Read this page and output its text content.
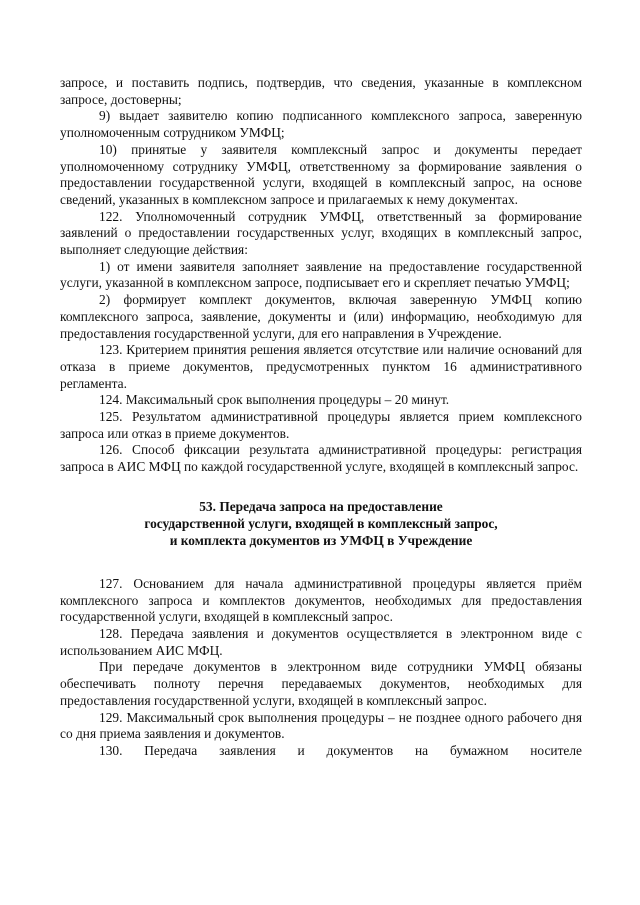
запросе, и поставить подпись, подтвердив, что сведения, указанные в комплексном запросе, достоверны;

9) выдает заявителю копию подписанного комплексного запроса, заверенную уполномоченным сотрудником УМФЦ;

10) принятые у заявителя комплексный запрос и документы передает уполномоченному сотруднику УМФЦ, ответственному за формирование заявления о предоставлении государственной услуги, входящей в комплексный запрос, на основе сведений, указанных в комплексном запросе и прилагаемых к нему документах.

122. Уполномоченный сотрудник УМФЦ, ответственный за формирование заявлений о предоставлении государственных услуг, входящих в комплексный запрос, выполняет следующие действия:

1) от имени заявителя заполняет заявление на предоставление государственной услуги, указанной в комплексном запросе, подписывает его и скрепляет печатью УМФЦ;

2) формирует комплект документов, включая заверенную УМФЦ копию комплексного запроса, заявление, документы и (или) информацию, необходимую для предоставления государственной услуги, для его направления в Учреждение.

123. Критерием принятия решения является отсутствие или наличие оснований для отказа в приеме документов, предусмотренных пунктом 16 административного регламента.

124. Максимальный срок выполнения процедуры – 20 минут.

125. Результатом административной процедуры является прием комплексного запроса или отказ в приеме документов.

126. Способ фиксации результата административной процедуры: регистрация запроса в АИС МФЦ по каждой государственной услуге, входящей в комплексный запрос.

53. Передача запроса на предоставление
государственной услуги, входящей в комплексный запрос,
и комплекта документов из УМФЦ в Учреждение

127. Основанием для начала административной процедуры является приём комплексного запроса и комплектов документов, необходимых для предоставления государственной услуги, входящей в комплексный запрос.

128. Передача заявления и документов осуществляется в электронном виде с использованием АИС МФЦ.

При передаче документов в электронном виде сотрудники УМФЦ обязаны обеспечивать полноту перечня передаваемых документов, необходимых для предоставления государственной услуги, входящей в комплексный запрос.

129. Максимальный срок выполнения процедуры – не позднее одного рабочего дня со дня приема заявления и документов.

130. Передача заявления и документов на бумажном носителе
